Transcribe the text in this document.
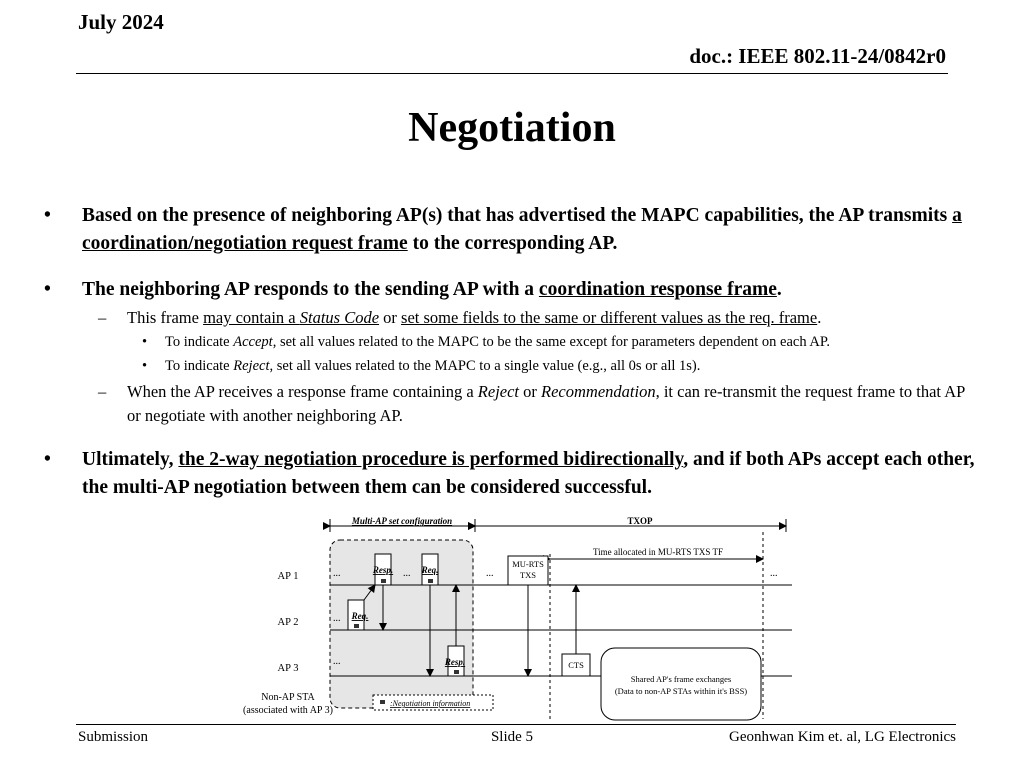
July 2024
doc.: IEEE 802.11-24/0842r0
Negotiation
• Based on the presence of neighboring AP(s) that has advertised the MAPC capabilities, the AP transmits a coordination/negotiation request frame to the corresponding AP.
• The neighboring AP responds to the sending AP with a coordination response frame.
– This frame may contain a Status Code or set some fields to the same or different values as the req. frame.
• To indicate Accept, set all values related to the MAPC to be the same except for parameters dependent on each AP.
• To indicate Reject, set all values related to the MAPC to a single value (e.g., all 0s or all 1s).
– When the AP receives a response frame containing a Reject or Recommendation, it can re-transmit the request frame to that AP or negotiate with another neighboring AP.
• Ultimately, the 2-way negotiation procedure is performed bidirectionally, and if both APs accept each other, the multi-AP negotiation between them can be considered successful.
Multi-AP set configuration	TXOP
Time allocated in MU-RTS TXS TF
AP 1
AP 2
AP 3
Non-AP STA
(associated with AP 3)
...	...	...	...
...
...
Resp.	Req.
Req.
Resp.
MU-RTS
TXS
CTS
Shared AP's frame exchanges
(Data to non-AP STAs within it's BSS)
:Negotiation information
Submission	Slide 5	Geonhwan Kim et. al, LG Electronics
